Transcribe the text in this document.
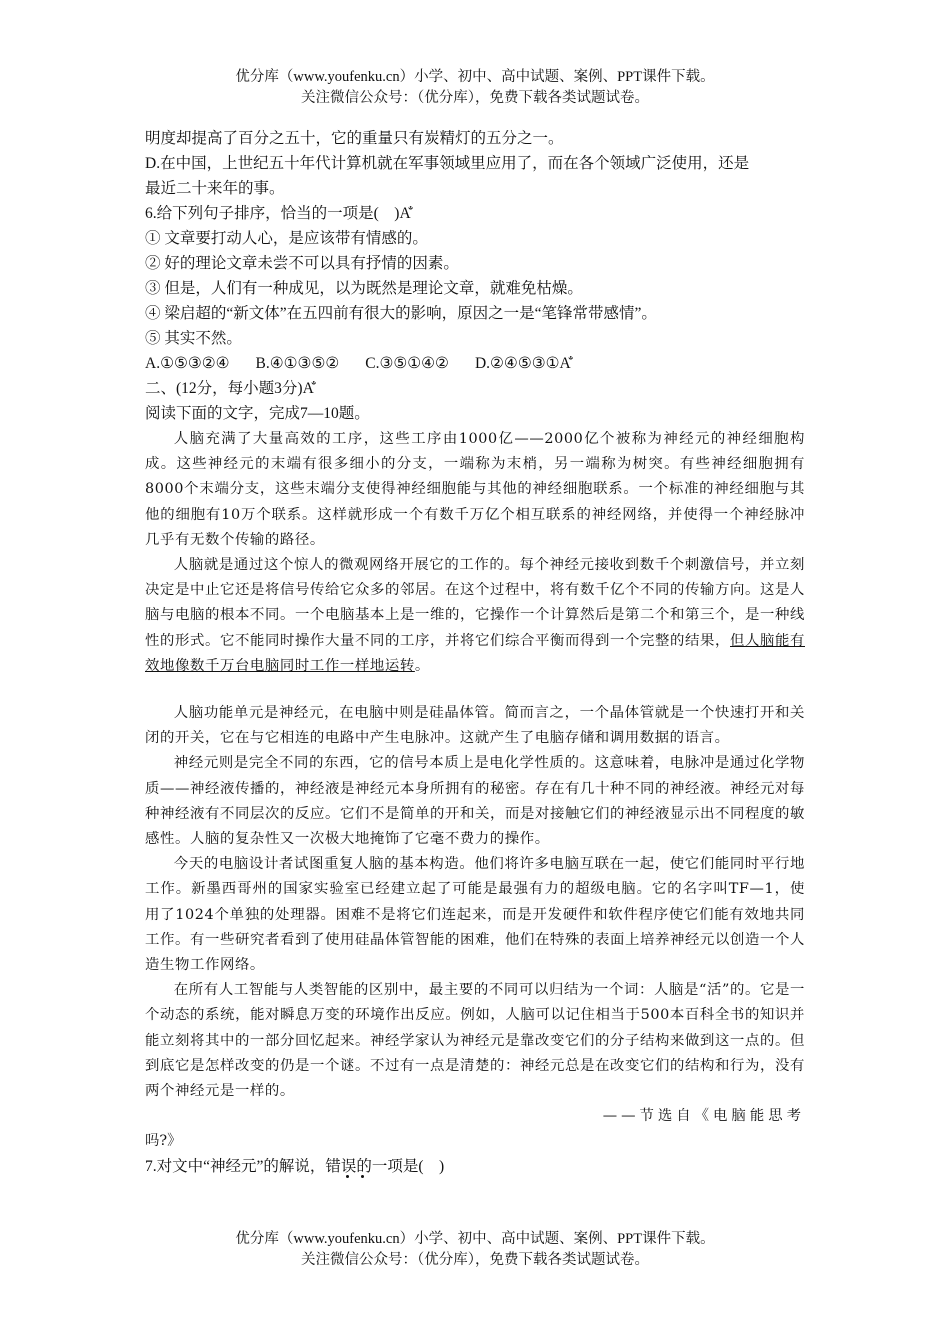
优分库（www.youfenku.cn）小学、初中、高中试题、案例、PPT课件下载。
关注微信公众号：（优分库），免费下载各类试题试卷。
明度却提高了百分之五十，它的重量只有炭精灯的五分之一。
D.在中国，上世纪五十年代计算机就在军事领域里应用了，而在各个领域广泛使用，还是
最近二十来年的事。
6.给下列句子排序，恰当的一项是(　)A̐
① 文章要打动人心，是应该带有情感的。
② 好的理论文章未尝不可以具有抒情的因素。
③ 但是，人们有一种成见，以为既然是理论文章，就难免枯燥。
④ 梁启超的“新文体”在五四前有很大的影响，原因之一是“笔锋常带感情”。
⑤ 其实不然。
A.①⑤③②④ B.④①③⑤② C.③⑤①④② D.②④⑤③①A̐
二、(12分，每小题3分)A̐
阅读下面的文字，完成7—10题。

人脑充满了大量高效的工序，这些工序由1000亿——2000亿个被称为神经元的神经细胞构成。这些神经元的末端有很多细小的分支，一端称为末梢，另一端称为树突。有些神经细胞拥有8000个末端分支，这些末端分支使得神经细胞能与其他的神经细胞联系。一个标准的神经细胞与其他的细胞有10万个联系。这样就形成一个有数千万亿个相互联系的神经网络，并使得一个神经脉冲几乎有无数个传输的路径。

人脑就是通过这个惊人的微观网络开展它的工作的。每个神经元接收到数千个刺激信号，并立刻决定是中止它还是将信号传给它众多的邻居。在这个过程中，将有数千亿个不同的传输方向。这是人脑与电脑的根本不同。一个电脑基本上是一维的，它操作一个计算然后是第二个和第三个，是一种线性的形式。它不能同时操作大量不同的工序，并将它们综合平衡而得到一个完整的结果，但人脑能有效地像数千万台电脑同时工作一样地运转。

人脑功能单元是神经元，在电脑中则是硅晶体管。简而言之，一个晶体管就是一个快速打开和关闭的开关，它在与它相连的电路中产生电脉冲。这就产生了电脑存储和调用数据的语言。

神经元则是完全不同的东西，它的信号本质上是电化学性质的。这意味着，电脉冲是通过化学物质——神经液传播的，神经液是神经元本身所拥有的秘密。存在有几十种不同的神经液。神经元对每种神经液有不同层次的反应。它们不是简单的开和关，而是对接触它们的神经液显示出不同程度的敏感性。人脑的复杂性又一次极大地掩饰了它毫不费力的操作。

今天的电脑设计者试图重复人脑的基本构造。他们将许多电脑互联在一起，使它们能同时平行地工作。新墨西哥州的国家实验室已经建立起了可能是最强有力的超级电脑。它的名字叫TF—1，使用了1024个单独的处理器。困难不是将它们连起来，而是开发硬件和软件程序使它们能有效地共同工作。有一些研究者看到了使用硅晶体管智能的困难，他们在特殊的表面上培养神经元以创造一个人造生物工作网络。

在所有人工智能与人类智能的区别中，最主要的不同可以归结为一个词：人脑是“活”的。它是一个动态的系统，能对瞬息万变的环境作出反应。例如，人脑可以记住相当于500本百科全书的知识并能立刻将其中的一部分回忆起来。神经学家认为神经元是靠改变它们的分子结构来做到这一点的。但到底它是怎样改变的仍是一个谜。不过有一点是清楚的：神经元总是在改变它们的结构和行为，没有两个神经元是一样的。

——节选自《电脑能思考
吗?》
7.对文中“神经元”的解说，错误的一项是(　)
优分库（www.youfenku.cn）小学、初中、高中试题、案例、PPT课件下载。
关注微信公众号：（优分库），免费下载各类试题试卷。
